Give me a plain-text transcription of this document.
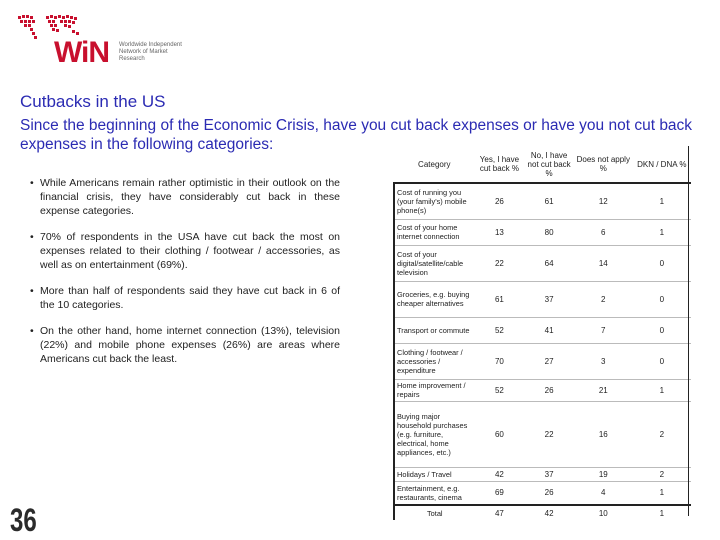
WiN Worldwide Independent Network of Market Research
Cutbacks in the US
Since the beginning of the Economic Crisis, have you cut back expenses or have you not cut back expenses in the following categories:
• While Americans remain rather optimistic in their outlook on the financial crisis, they have considerably cut back in these expense categories.
• 70% of respondents in the USA have cut back the most on expenses related to their clothing / footwear / accessories, as well as on entertainment (69%).
• More than half of respondents said they have cut back in 6 of the 10 categories.
• On the other hand, home internet connection (13%), television (22%) and mobile phone expenses (26%) are areas where Americans cut back the least.
36
Category	Yes, I have cut back %	No, I have not cut back %	Does not apply %	DKN / DNA %
Cost of running you (your family's) mobile phone(s)	26	61	12	1
Cost of your home internet connection	13	80	6	1
Cost of your digital/satellite/cable television	22	64	14	0
Groceries, e.g. buying cheaper alternatives	61	37	2	0
Transport or commute	52	41	7	0
Clothing / footwear / accessories / expenditure	70	27	3	0
Home improvement / repairs	52	26	21	1
Buying major household purchases (e.g. furniture, electrical, home appliances, etc.)	60	22	16	2
Holidays / Travel	42	37	19	2
Entertainment, e.g. restaurants, cinema	69	26	4	1
Total	47	42	10	1
